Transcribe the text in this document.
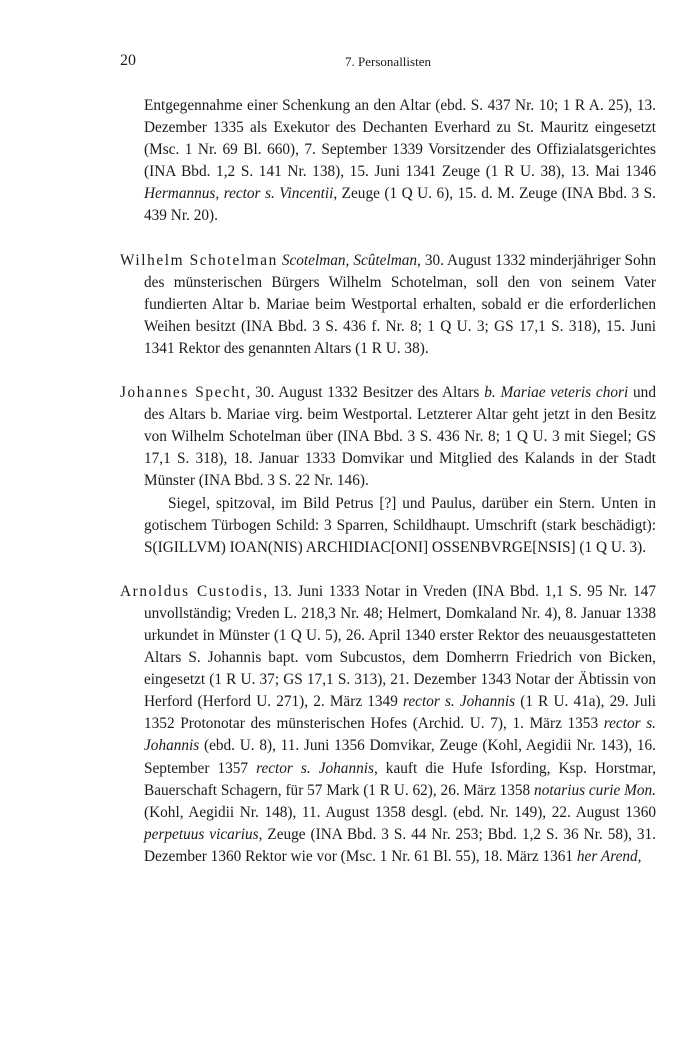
20	7. Personallisten

Entgegennahme einer Schenkung an den Altar (ebd. S. 437 Nr. 10; 1 R A. 25), 13. Dezember 1335 als Exekutor des Dechanten Everhard zu St. Mauritz eingesetzt (Msc. 1 Nr. 69 Bl. 660), 7. September 1339 Vorsitzender des Offizialatsgerichtes (INA Bbd. 1,2 S. 141 Nr. 138), 15. Juni 1341 Zeuge (1 R U. 38), 13. Mai 1346 Hermannus, rector s. Vincentii, Zeuge (1 Q U. 6), 15. d. M. Zeuge (INA Bbd. 3 S. 439 Nr. 20).

Wilhelm Schotelman Scotelman, Scûtelman, 30. August 1332 minderjähriger Sohn des münsterischen Bürgers Wilhelm Schotelman, soll den von seinem Vater fundierten Altar b. Mariae beim Westportal erhalten, sobald er die erforderlichen Weihen besitzt (INA Bbd. 3 S. 436 f. Nr. 8; 1 Q U. 3; GS 17,1 S. 318), 15. Juni 1341 Rektor des genannten Altars (1 R U. 38).

Johannes Specht, 30. August 1332 Besitzer des Altars b. Mariae veteris chori und des Altars b. Mariae virg. beim Westportal. Letzterer Altar geht jetzt in den Besitz von Wilhelm Schotelman über (INA Bbd. 3 S. 436 Nr. 8; 1 Q U. 3 mit Siegel; GS 17,1 S. 318), 18. Januar 1333 Domvikar und Mitglied des Kalands in der Stadt Münster (INA Bbd. 3 S. 22 Nr. 146).

Siegel, spitzoval, im Bild Petrus [?] und Paulus, darüber ein Stern. Unten in gotischem Türbogen Schild: 3 Sparren, Schildhaupt. Umschrift (stark beschädigt): S(IGILLVM) IOAN(NIS) ARCHIDIAC[ONI] OSSENBVRGE[NSIS] (1 Q U. 3).

Arnoldus Custodis, 13. Juni 1333 Notar in Vreden (INA Bbd. 1,1 S. 95 Nr. 147 unvollständig; Vreden L. 218,3 Nr. 48; Helmert, Domkaland Nr. 4), 8. Januar 1338 urkundet in Münster (1 Q U. 5), 26. April 1340 erster Rektor des neuausgestatteten Altars S. Johannis bapt. vom Subcustos, dem Domherrn Friedrich von Bicken, eingesetzt (1 R U. 37; GS 17,1 S. 313), 21. Dezember 1343 Notar der Äbtissin von Herford (Herford U. 271), 2. März 1349 rector s. Johannis (1 R U. 41a), 29. Juli 1352 Protonotar des münsterischen Hofes (Archid. U. 7), 1. März 1353 rector s. Johannis (ebd. U. 8), 11. Juni 1356 Domvikar, Zeuge (Kohl, Aegidii Nr. 143), 16. September 1357 rector s. Johannis, kauft die Hufe Isfording, Ksp. Horstmar, Bauerschaft Schagern, für 57 Mark (1 R U. 62), 26. März 1358 notarius curie Mon. (Kohl, Aegidii Nr. 148), 11. August 1358 desgl. (ebd. Nr. 149), 22. August 1360 perpetuus vicarius, Zeuge (INA Bbd. 3 S. 44 Nr. 253; Bbd. 1,2 S. 36 Nr. 58), 31. Dezember 1360 Rektor wie vor (Msc. 1 Nr. 61 Bl. 55), 18. März 1361 her Arend,
